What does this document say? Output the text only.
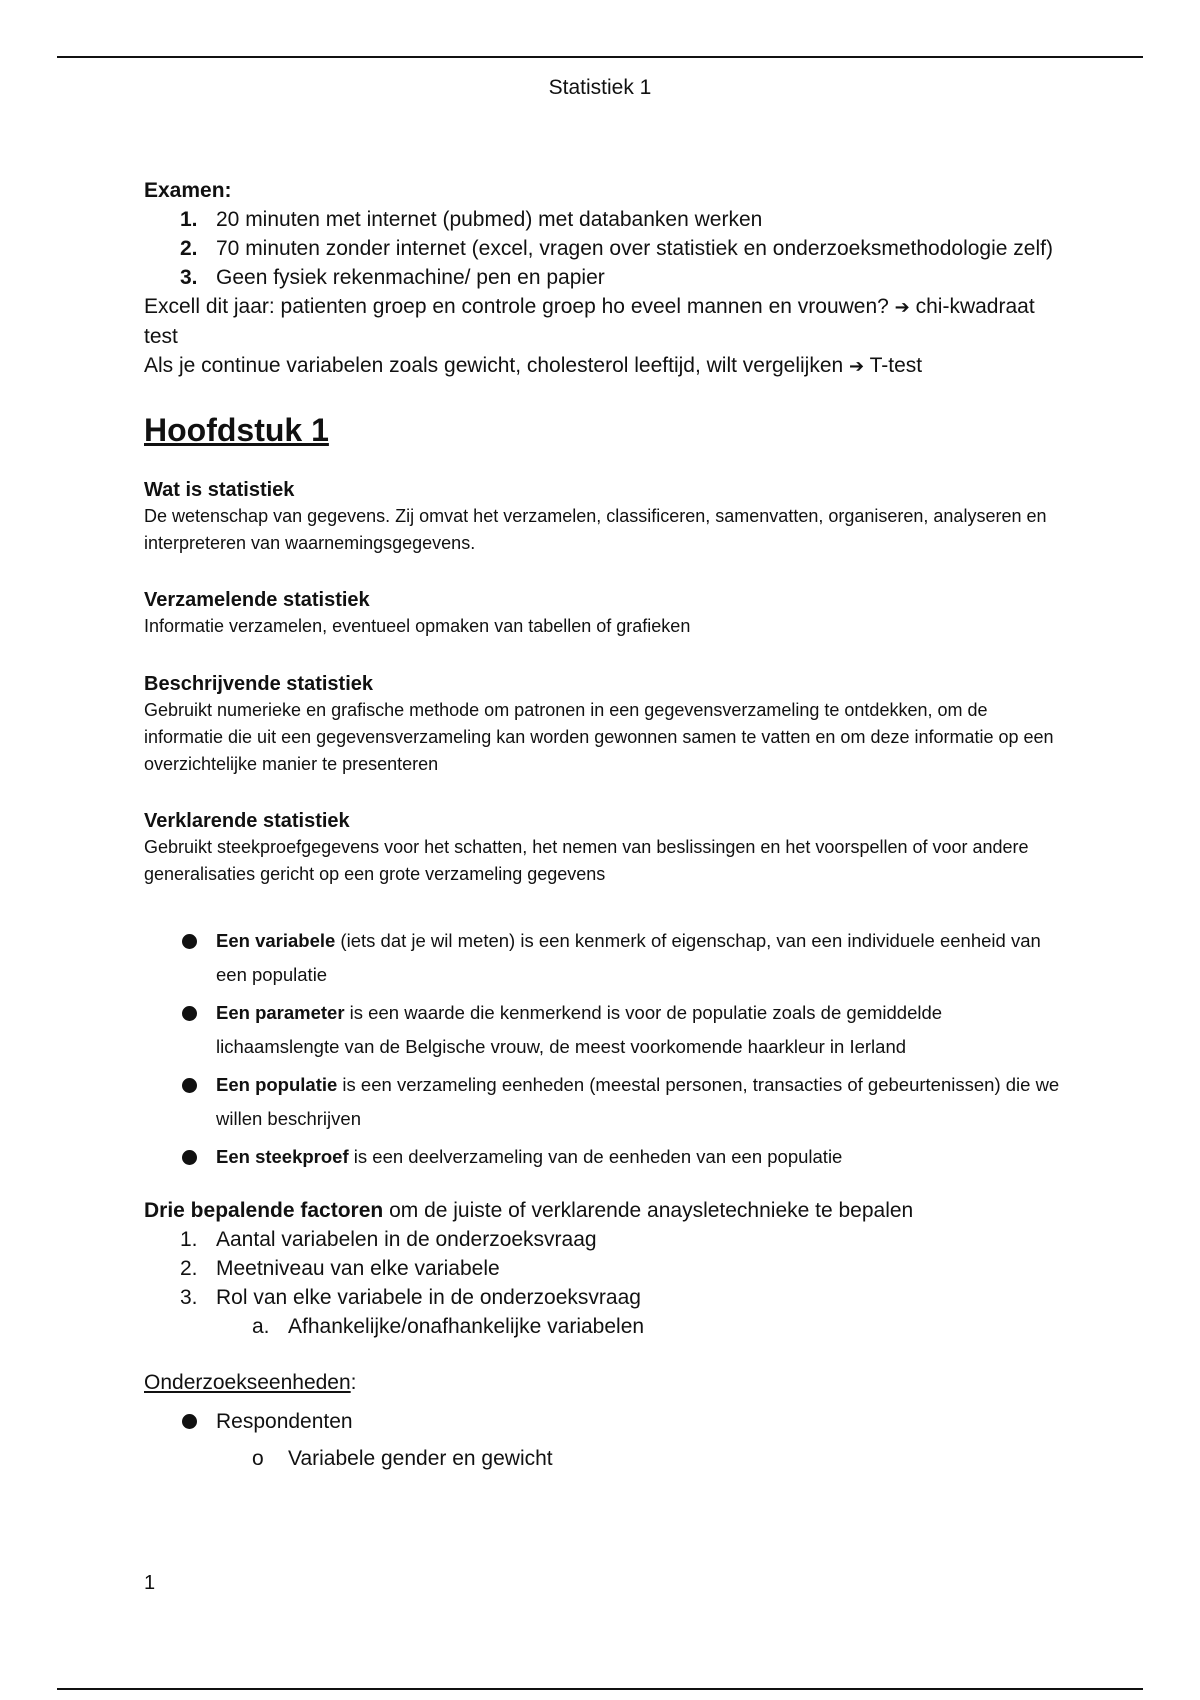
Statistiek 1

Examen:

1. 20 minuten met internet (pubmed) met databanken werken
2. 70 minuten zonder internet (excel, vragen over statistiek en onderzoeksmethodologie zelf)
3. Geen fysiek rekenmachine/ pen en papier

Excell dit jaar: patienten groep en controle groep ho eveel mannen en vrouwen? ➔ chi-kwadraat test

Als je continue variabelen zoals gewicht, cholesterol leeftijd, wilt vergelijken ➔ T-test

Hoofdstuk 1
Wat is statistiek

De wetenschap van gegevens. Zij omvat het verzamelen, classificeren, samenvatten, organiseren, analyseren en interpreteren van waarnemingsgegevens.

Verzamelende statistiek

Informatie verzamelen, eventueel opmaken van tabellen of grafieken

Beschrijvende statistiek

Gebruikt numerieke en grafische methode om patronen in een gegevensverzameling te ontdekken, om de informatie die uit een gegevensverzameling kan worden gewonnen samen te vatten en om deze informatie op een overzichtelijke manier te presenteren

Verklarende statistiek

Gebruikt steekproefgegevens voor het schatten, het nemen van beslissingen en het voorspellen of voor andere generalisaties gericht op een grote verzameling gegevens

Een variabele (iets dat je wil meten) is een kenmerk of eigenschap, van een individuele eenheid van een populatie
Een parameter is een waarde die kenmerkend is voor de populatie zoals de gemiddelde lichaamslengte van de Belgische vrouw, de meest voorkomende haarkleur in Ierland
Een populatie is een verzameling eenheden (meestal personen, transacties of gebeurtenissen) die we willen beschrijven
Een steekproef is een deelverzameling van de eenheden van een populatie

Drie bepalende factoren om de juiste of verklarende anaysletechnieke te bepalen

1. Aantal variabelen in de onderzoeksvraag
2. Meetniveau van elke variabele
3. Rol van elke variabele in de onderzoeksvraag
a. Afhankelijke/onafhankelijke variabelen

Onderzoekseenheden:

Respondenten
o Variabele gender en gewicht
1
